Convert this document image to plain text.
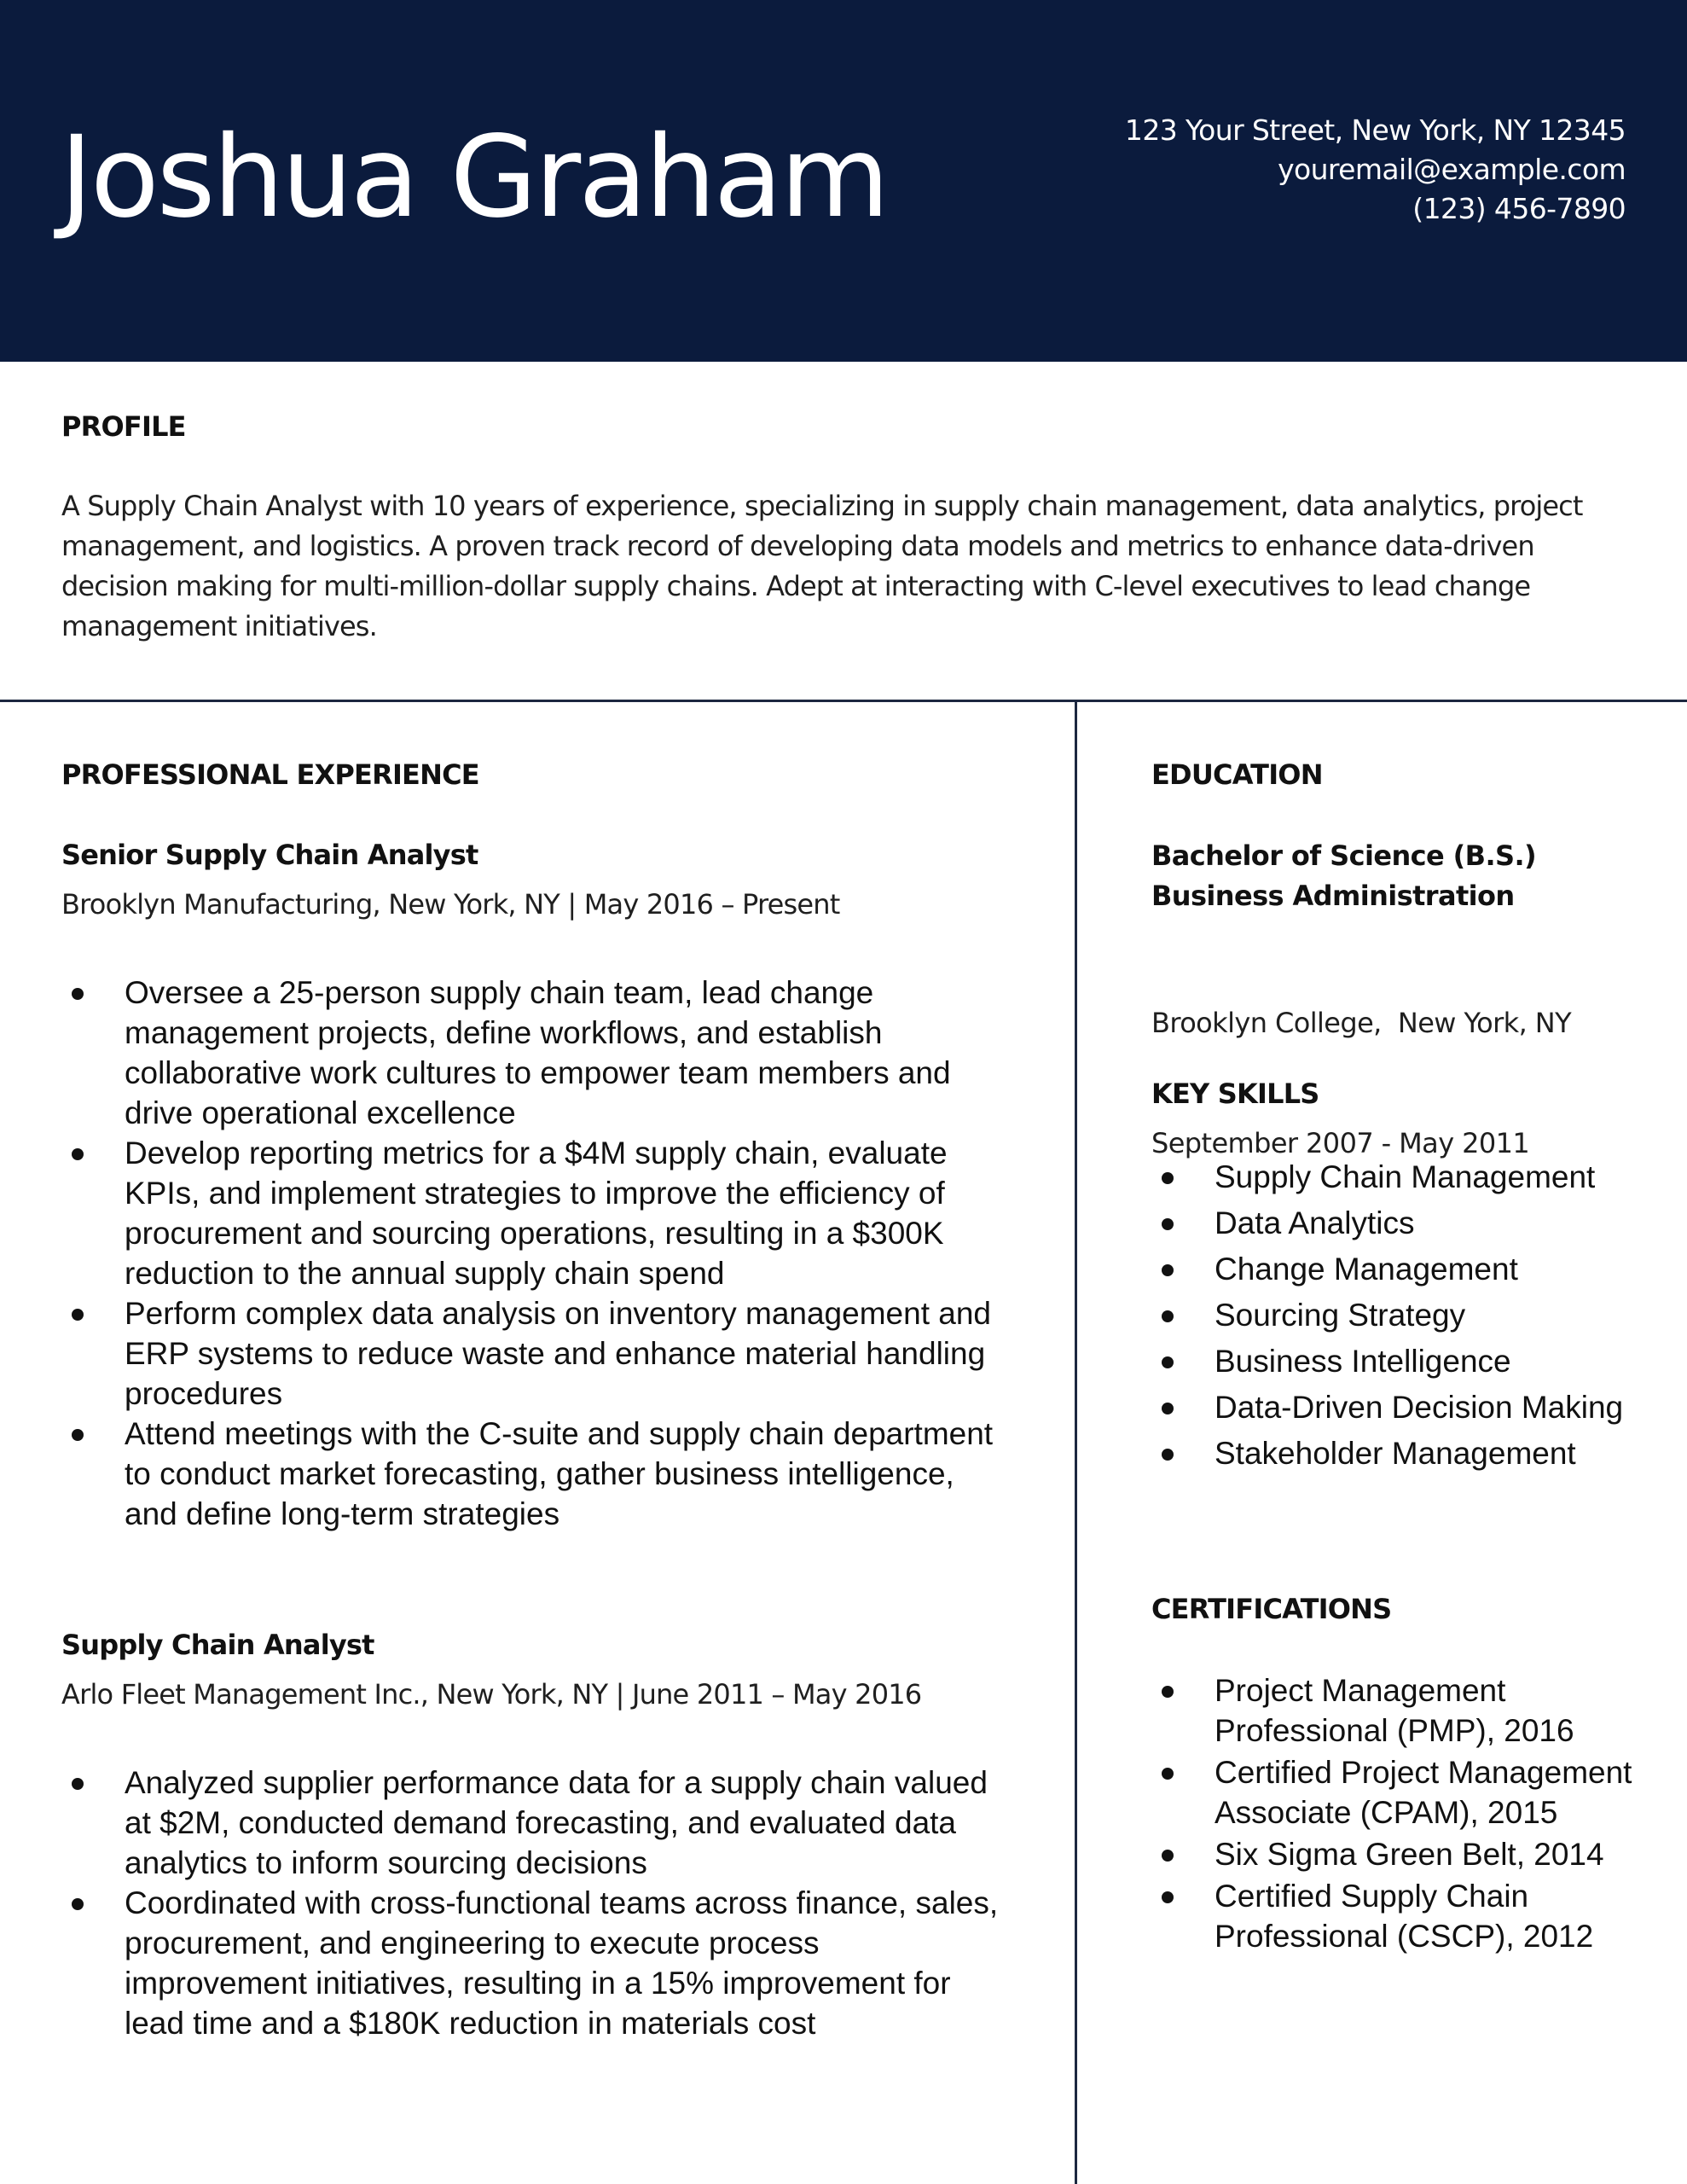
Joshua Graham	123 Your Street, New York, NY 12345
youremail@example.com
(123) 456-7890
PROFILE
A Supply Chain Analyst with 10 years of experience, specializing in supply chain management, data analytics, project management, and logistics. A proven track record of developing data models and metrics to enhance data-driven decision making for multi-million-dollar supply chains. Adept at interacting with C-level executives to lead change management initiatives.
PROFESSIONAL EXPERIENCE
Senior Supply Chain Analyst
Brooklyn Manufacturing, New York, NY | May 2016 – Present
Oversee a 25-person supply chain team, lead change management projects, define workflows, and establish collaborative work cultures to empower team members and drive operational excellence
Develop reporting metrics for a $4M supply chain, evaluate KPIs, and implement strategies to improve the efficiency of procurement and sourcing operations, resulting in a $300K reduction to the annual supply chain spend
Perform complex data analysis on inventory management and ERP systems to reduce waste and enhance material handling procedures
Attend meetings with the C-suite and supply chain department to conduct market forecasting, gather business intelligence, and define long-term strategies
Supply Chain Analyst
Arlo Fleet Management Inc., New York, NY | June 2011 – May 2016
Analyzed supplier performance data for a supply chain valued at $2M, conducted demand forecasting, and evaluated data analytics to inform sourcing decisions
Coordinated with cross-functional teams across finance, sales, procurement, and engineering to execute process improvement initiatives, resulting in a 15% improvement for lead time and a $180K reduction in materials cost
EDUCATION
Bachelor of Science (B.S.)
Business Administration

Brooklyn College,  New York, NY

September 2007 - May 2011

KEY SKILLS
Supply Chain Management
Data Analytics
Change Management
Sourcing Strategy
Business Intelligence
Data-Driven Decision Making
Stakeholder Management
CERTIFICATIONS
Project Management Professional (PMP), 2016
Certified Project Management Associate (CPAM), 2015
Six Sigma Green Belt, 2014
Certified Supply Chain Professional (CSCP), 2012
